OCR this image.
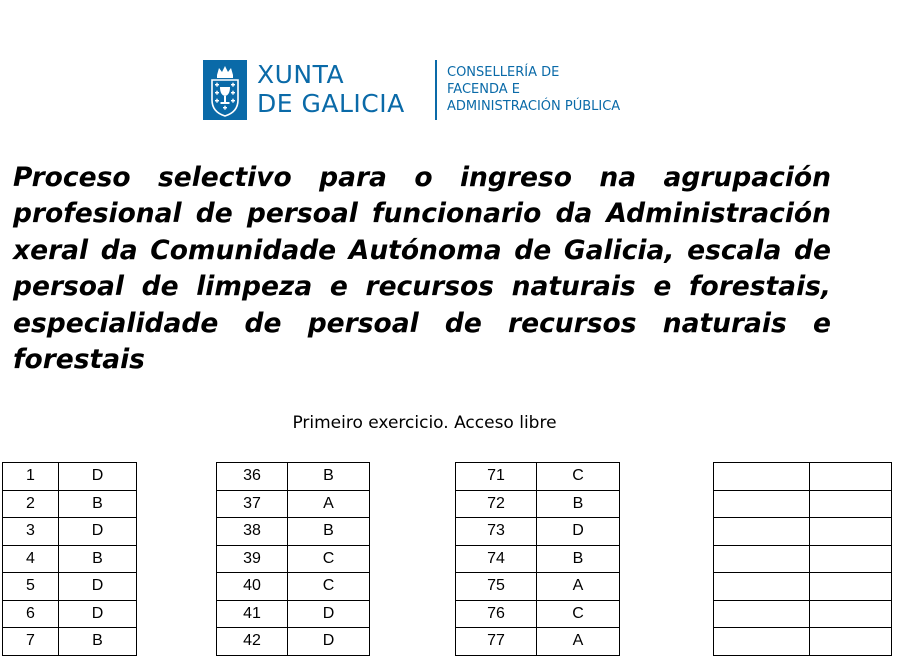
XUNTA
DE GALICIA
CONSELLERÍA DE
FACENDA E
ADMINISTRACIÓN PÚBLICA

Proceso selectivo para o ingreso na agrupación profesional de persoal funcionario da Administración xeral da Comunidade Autónoma de Galicia, escala de persoal de limpeza e recursos naturais e forestais, especialidade de persoal de recursos naturais e forestais

Primeiro exercicio. Acceso libre
1	D
2	B
3	D
4	B
5	D
6	D
7	B
36	B
37	A
38	B
39	C
40	C
41	D
42	D
71	C
72	B
73	D
74	B
75	A
76	C
77	A
